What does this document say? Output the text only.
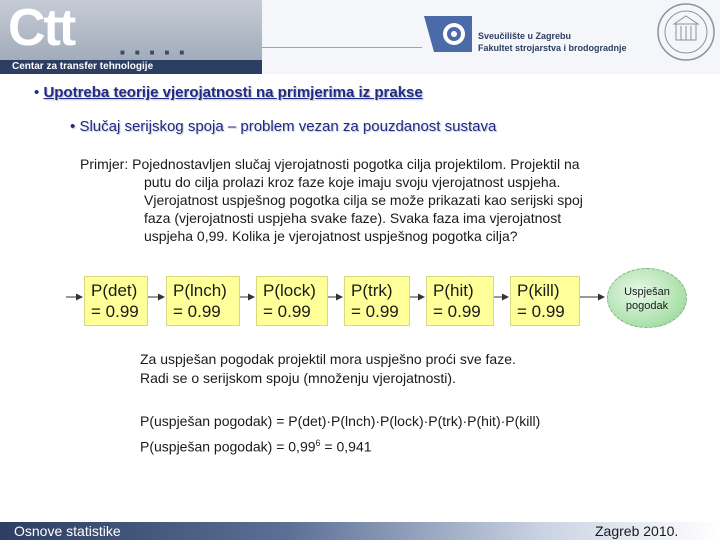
Ctt	■■■■■
Centar za transfer tehnologije
Sveučilište u Zagrebu
Fakultet strojarstva i brodogradnje
• Upotreba teorije vjerojatnosti na primjerima iz prakse
• Slučaj serijskog spoja – problem vezan za pouzdanost sustava
Primjer: Pojednostavljen slučaj vjerojatnosti pogotka cilja projektilom. Projektil na
putu do cilja prolazi kroz faze koje imaju svoju vjerojatnost uspjeha.
Vjerojatnost uspješnog pogotka cilja se može prikazati kao serijski spoj
faza (vjerojatnosti uspjeha svake faze). Svaka faza ima vjerojatnost
uspjeha 0,99. Kolika je vjerojatnost uspješnog pogotka cilja?
P(det)
= 0.99
P(lnch)
= 0.99
P(lock)
= 0.99
P(trk)
= 0.99
P(hit)
= 0.99
P(kill)
= 0.99
Uspješan
pogodak
Za uspješan pogodak projektil mora uspješno proći sve faze.
Radi se o serijskom spoju (množenju vjerojatnosti).
P(uspješan pogodak) = P(det)·P(lnch)·P(lock)·P(trk)·P(hit)·P(kill)
P(uspješan pogodak) = $0,99^6 = 0,941$
Osnove statistike	Zagreb 2010.
